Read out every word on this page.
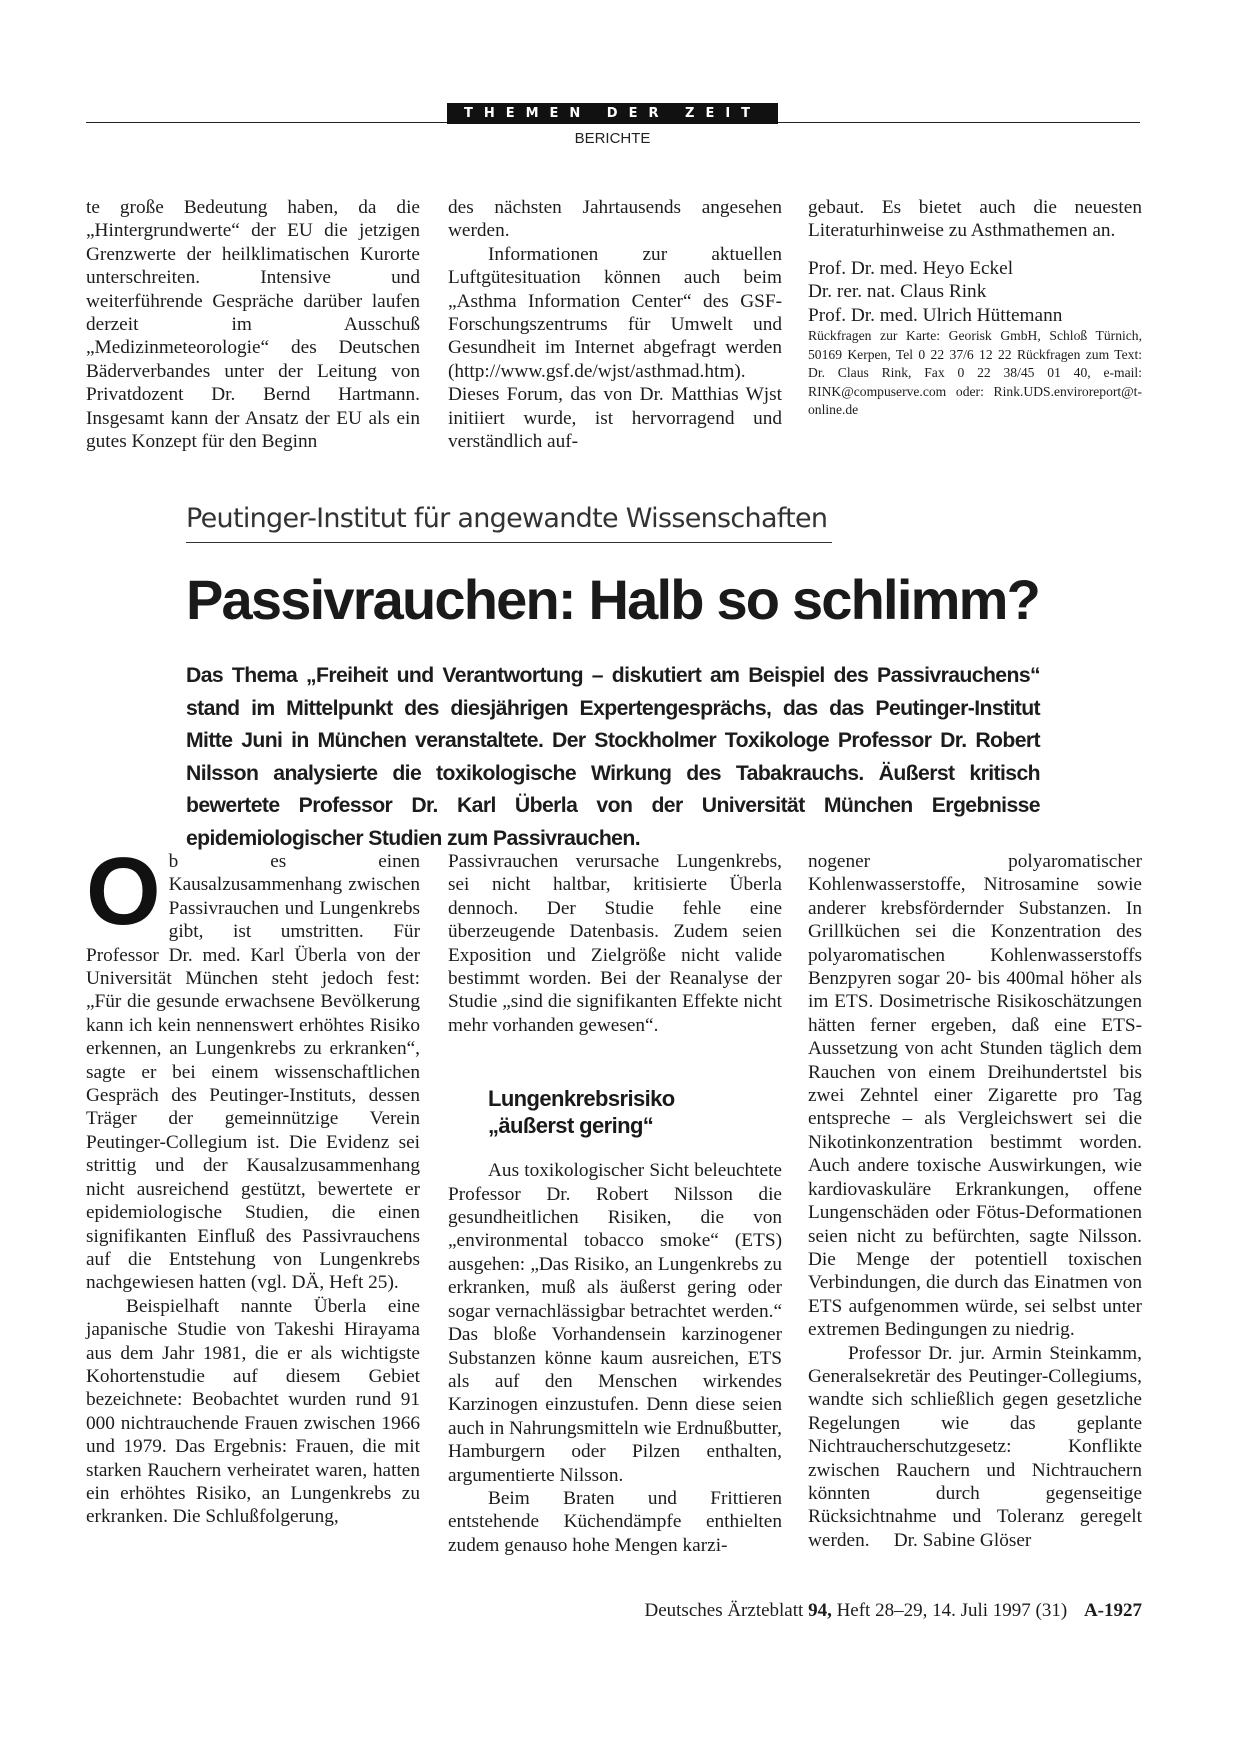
THEMEN DER ZEIT
BERICHTE

te große Bedeutung haben, da die „Hintergrundwerte“ der EU die jetzigen Grenzwerte der heilklimatischen Kurorte unterschreiten. Intensive und weiterführende Gespräche darüber laufen derzeit im Ausschuß „Medizinmeteorologie“ des Deutschen Bäderverbandes unter der Leitung von Privatdozent Dr. Bernd Hartmann. Insgesamt kann der Ansatz der EU als ein gutes Konzept für den Beginn

des nächsten Jahrtausends angesehen werden.

Informationen zur aktuellen Luftgütesituation können auch beim „Asthma Information Center“ des GSF-Forschungszentrums für Umwelt und Gesundheit im Internet abgefragt werden (http://www.gsf.de/wjst/asthmad.htm). Dieses Forum, das von Dr. Matthias Wjst initiiert wurde, ist hervorragend und verständlich auf-

gebaut. Es bietet auch die neuesten Literaturhinweise zu Asthmathemen an.

Prof. Dr. med. Heyo Eckel
Dr. rer. nat. Claus Rink
Prof. Dr. med. Ulrich Hüttemann

Rückfragen zur Karte: Georisk GmbH, Schloß Türnich, 50169 Kerpen, Tel 0 22 37/6 12 22 Rückfragen zum Text: Dr. Claus Rink, Fax 0 22 38/45 01 40, e-mail: RINK@compuserve.com oder: Rink.UDS.enviroreport@t-online.de

Peutinger-Institut für angewandte Wissenschaften
Passivrauchen: Halb so schlimm?
Das Thema „Freiheit und Verantwortung – diskutiert am Beispiel des Passivrauchens“ stand im Mittelpunkt des diesjährigen Expertengesprächs, das das Peutinger-Institut Mitte Juni in München veranstaltete. Der Stockholmer Toxikologe Professor Dr. Robert Nilsson analysierte die toxikologische Wirkung des Tabakrauchs. Äußerst kritisch bewertete Professor Dr. Karl Überla von der Universität München Ergebnisse epidemiologischer Studien zum Passivrauchen.

Ob es einen Kausalzusammenhang zwischen Passivrauchen und Lungenkrebs gibt, ist umstritten. Für Professor Dr. med. Karl Überla von der Universität München steht jedoch fest: „Für die gesunde erwachsene Bevölkerung kann ich kein nennenswert erhöhtes Risiko erkennen, an Lungenkrebs zu erkranken“, sagte er bei einem wissenschaftlichen Gespräch des Peutinger-Instituts, dessen Träger der gemeinnützige Verein Peutinger-Collegium ist. Die Evidenz sei strittig und der Kausalzusammenhang nicht ausreichend gestützt, bewertete er epidemiologische Studien, die einen signifikanten Einfluß des Passivrauchens auf die Entstehung von Lungenkrebs nachgewiesen hatten (vgl. DÄ, Heft 25).

Beispielhaft nannte Überla eine japanische Studie von Takeshi Hirayama aus dem Jahr 1981, die er als wichtigste Kohortenstudie auf diesem Gebiet bezeichnete: Beobachtet wurden rund 91 000 nichtrauchende Frauen zwischen 1966 und 1979. Das Ergebnis: Frauen, die mit starken Rauchern verheiratet waren, hatten ein erhöhtes Risiko, an Lungenkrebs zu erkranken. Die Schlußfolgerung,

Passivrauchen verursache Lungenkrebs, sei nicht haltbar, kritisierte Überla dennoch. Der Studie fehle eine überzeugende Datenbasis. Zudem seien Exposition und Zielgröße nicht valide bestimmt worden. Bei der Reanalyse der Studie „sind die signifikanten Effekte nicht mehr vorhanden gewesen“.

Lungenkrebsrisiko
„äußerst gering“

Aus toxikologischer Sicht beleuchtete Professor Dr. Robert Nilsson die gesundheitlichen Risiken, die von „environmental tobacco smoke“ (ETS) ausgehen: „Das Risiko, an Lungenkrebs zu erkranken, muß als äußerst gering oder sogar vernachlässigbar betrachtet werden.“ Das bloße Vorhandensein karzinogener Substanzen könne kaum ausreichen, ETS als auf den Menschen wirkendes Karzinogen einzustufen. Denn diese seien auch in Nahrungsmitteln wie Erdnußbutter, Hamburgern oder Pilzen enthalten, argumentierte Nilsson.

Beim Braten und Frittieren entstehende Küchendämpfe enthielten zudem genauso hohe Mengen karzi-

nogener polyaromatischer Kohlenwasserstoffe, Nitrosamine sowie anderer krebsfördernder Substanzen. In Grillküchen sei die Konzentration des polyaromatischen Kohlenwasserstoffs Benzpyren sogar 20- bis 400mal höher als im ETS. Dosimetrische Risikoschätzungen hätten ferner ergeben, daß eine ETS-Aussetzung von acht Stunden täglich dem Rauchen von einem Dreihundertstel bis zwei Zehntel einer Zigarette pro Tag entspreche – als Vergleichswert sei die Nikotinkonzentration bestimmt worden. Auch andere toxische Auswirkungen, wie kardiovaskuläre Erkrankungen, offene Lungenschäden oder Fötus-Deformationen seien nicht zu befürchten, sagte Nilsson. Die Menge der potentiell toxischen Verbindungen, die durch das Einatmen von ETS aufgenommen würde, sei selbst unter extremen Bedingungen zu niedrig.

Professor Dr. jur. Armin Steinkamm, Generalsekretär des Peutinger-Collegiums, wandte sich schließlich gegen gesetzliche Regelungen wie das geplante Nichtraucherschutzgesetz: Konflikte zwischen Rauchern und Nichtrauchern könnten durch gegenseitige Rücksichtnahme und Toleranz geregelt werden. Dr. Sabine Glöser

Deutsches Ärzteblatt 94, Heft 28–29, 14. Juli 1997 (31) A-1927
